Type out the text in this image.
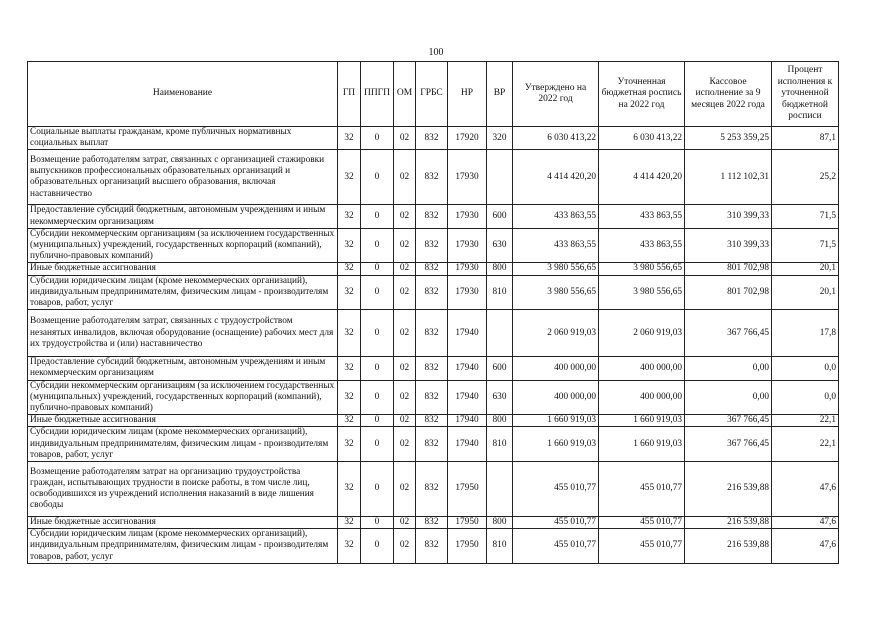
100
Наименование	ГП	ППГП	ОМ	ГРБС	НР	ВР	Утверждено на 2022 год	Уточненная бюджетная роспись на 2022 год	Кассовое исполнение за 9 месяцев 2022 года	Процент исполнения к уточненной бюджетной росписи
Социальные выплаты гражданам, кроме публичных нормативных социальных выплат	32	0	02	832	17920	320	6 030 413,22	6 030 413,22	5 253 359,25	87,1
Возмещение работодателям затрат, связанных с организацией стажировки выпускников профессиональных образовательных организаций и образовательных организаций высшего образования, включая наставничество	32	0	02	832	17930		4 414 420,20	4 414 420,20	1 112 102,31	25,2
Предоставление субсидий бюджетным, автономным учреждениям и иным некоммерческим организациям	32	0	02	832	17930	600	433 863,55	433 863,55	310 399,33	71,5
Субсидии некоммерческим организациям (за исключением государственных (муниципальных) учреждений, государственных корпораций (компаний), публично-правовых компаний)	32	0	02	832	17930	630	433 863,55	433 863,55	310 399,33	71,5
Иные бюджетные ассигнования	32	0	02	832	17930	800	3 980 556,65	3 980 556,65	801 702,98	20,1
Субсидии юридическим лицам (кроме некоммерческих организаций), индивидуальным предпринимателям, физическим лицам - производителям товаров, работ, услуг	32	0	02	832	17930	810	3 980 556,65	3 980 556,65	801 702,98	20,1
Возмещение работодателям затрат, связанных с трудоустройством незанятых инвалидов, включая оборудование (оснащение) рабочих мест для их трудоустройства и (или) наставничество	32	0	02	832	17940		2 060 919,03	2 060 919,03	367 766,45	17,8
Предоставление субсидий бюджетным, автономным учреждениям и иным некоммерческим организациям	32	0	02	832	17940	600	400 000,00	400 000,00	0,00	0,0
Субсидии некоммерческим организациям (за исключением государственных (муниципальных) учреждений, государственных корпораций (компаний), публично-правовых компаний)	32	0	02	832	17940	630	400 000,00	400 000,00	0,00	0,0
Иные бюджетные ассигнования	32	0	02	832	17940	800	1 660 919,03	1 660 919,03	367 766,45	22,1
Субсидии юридическим лицам (кроме некоммерческих организаций), индивидуальным предпринимателям, физическим лицам - производителям товаров, работ, услуг	32	0	02	832	17940	810	1 660 919,03	1 660 919,03	367 766,45	22,1
Возмещение работодателям затрат на организацию трудоустройства граждан, испытывающих трудности в поиске работы, в том числе лиц, освободившихся из учреждений исполнения наказаний в виде лишения свободы	32	0	02	832	17950		455 010,77	455 010,77	216 539,88	47,6
Иные бюджетные ассигнования	32	0	02	832	17950	800	455 010,77	455 010,77	216 539,88	47,6
Субсидии юридическим лицам (кроме некоммерческих организаций), индивидуальным предпринимателям, физическим лицам - производителям товаров, работ, услуг	32	0	02	832	17950	810	455 010,77	455 010,77	216 539,88	47,6
